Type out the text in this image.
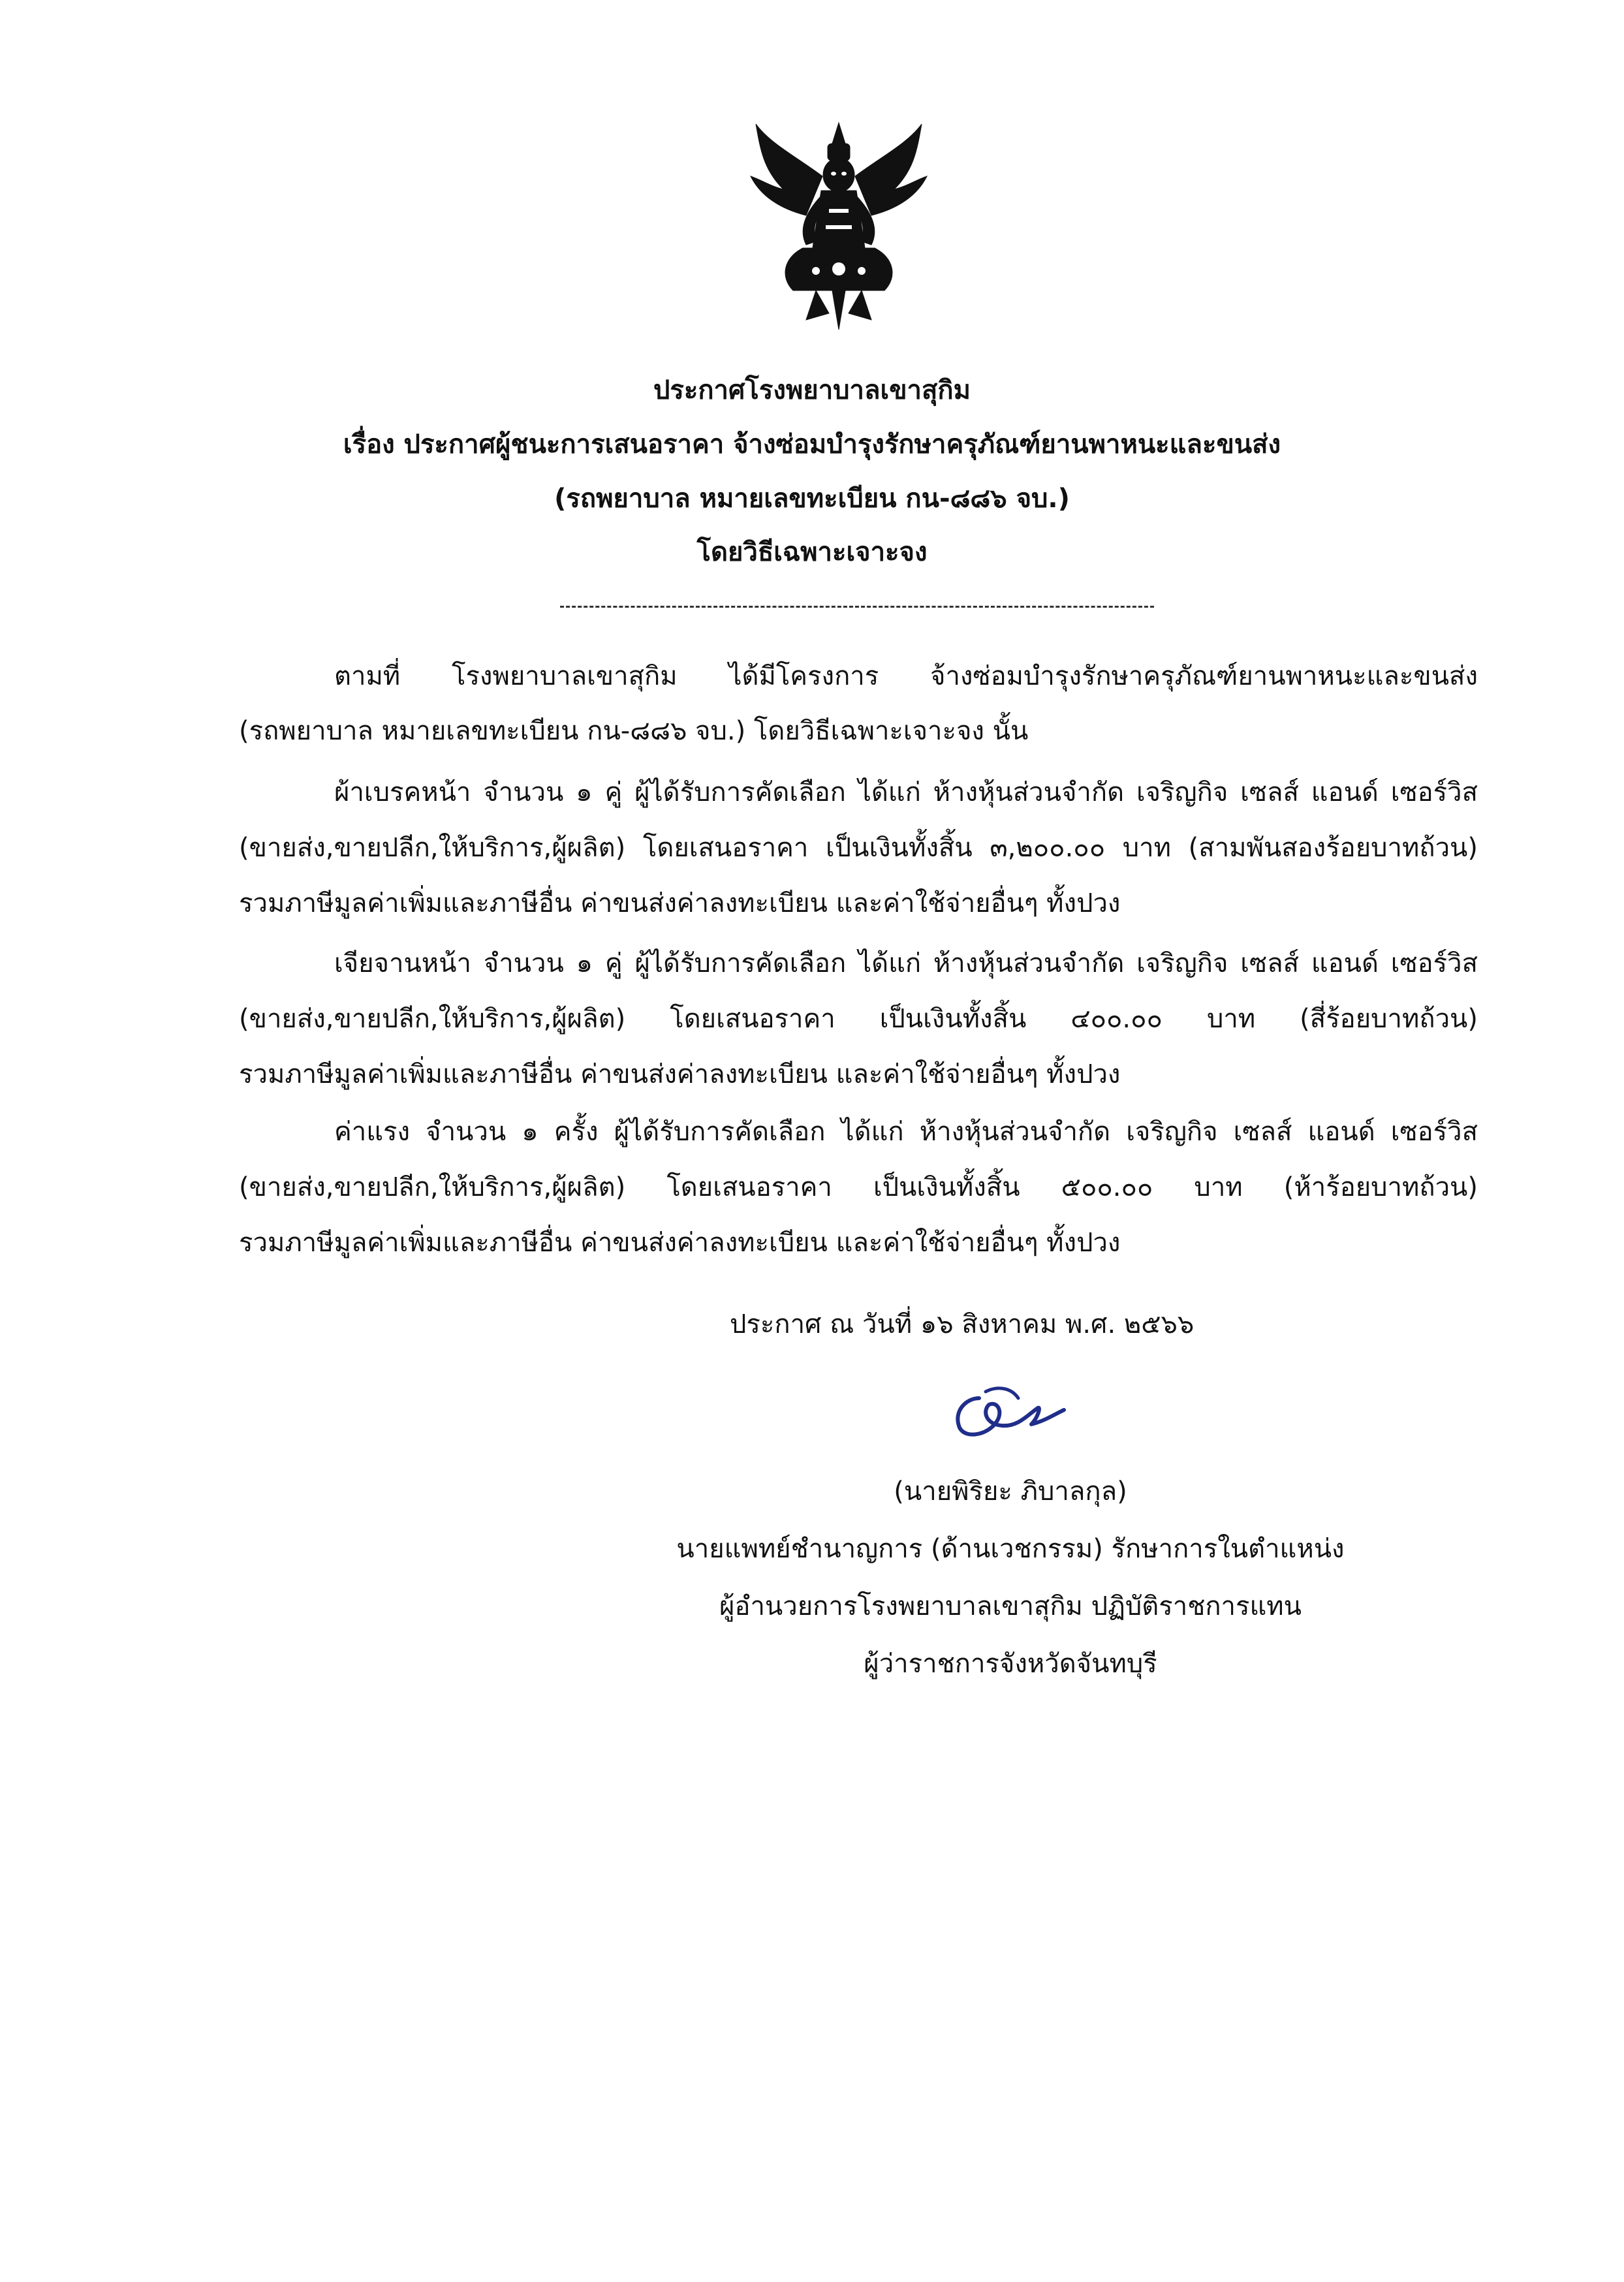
ประกาศโรงพยาบาลเขาสุกิม
เรื่อง ประกาศผู้ชนะการเสนอราคา จ้างซ่อมบำรุงรักษาครุภัณฑ์ยานพาหนะและขนส่ง
(รถพยาบาล หมายเลขทะเบียน กน-๘๘๖ จบ.)
โดยวิธีเฉพาะเจาะจง
ตามที่ โรงพยาบาลเขาสุกิม ได้มีโครงการ จ้างซ่อมบำรุงรักษาครุภัณฑ์ยานพาหนะและขนส่ง
(รถพยาบาล หมายเลขทะเบียน กน-๘๘๖ จบ.) โดยวิธีเฉพาะเจาะจง นั้น
ผ้าเบรคหน้า จำนวน ๑ คู่ ผู้ได้รับการคัดเลือก ได้แก่ ห้างหุ้นส่วนจำกัด เจริญกิจ เซลส์ แอนด์ เซอร์วิส
(ขายส่ง,ขายปลีก,ให้บริการ,ผู้ผลิต) โดยเสนอราคา เป็นเงินทั้งสิ้น ๓,๒๐๐.๐๐ บาท (สามพันสองร้อยบาทถ้วน)
รวมภาษีมูลค่าเพิ่มและภาษีอื่น ค่าขนส่งค่าลงทะเบียน และค่าใช้จ่ายอื่นๆ ทั้งปวง
เจียจานหน้า จำนวน ๑ คู่ ผู้ได้รับการคัดเลือก ได้แก่ ห้างหุ้นส่วนจำกัด เจริญกิจ เซลส์ แอนด์ เซอร์วิส
(ขายส่ง,ขายปลีก,ให้บริการ,ผู้ผลิต) โดยเสนอราคา เป็นเงินทั้งสิ้น ๔๐๐.๐๐ บาท (สี่ร้อยบาทถ้วน)
รวมภาษีมูลค่าเพิ่มและภาษีอื่น ค่าขนส่งค่าลงทะเบียน และค่าใช้จ่ายอื่นๆ ทั้งปวง
ค่าแรง จำนวน ๑ ครั้ง ผู้ได้รับการคัดเลือก ได้แก่ ห้างหุ้นส่วนจำกัด เจริญกิจ เซลส์ แอนด์ เซอร์วิส
(ขายส่ง,ขายปลีก,ให้บริการ,ผู้ผลิต) โดยเสนอราคา เป็นเงินทั้งสิ้น ๕๐๐.๐๐ บาท (ห้าร้อยบาทถ้วน)
รวมภาษีมูลค่าเพิ่มและภาษีอื่น ค่าขนส่งค่าลงทะเบียน และค่าใช้จ่ายอื่นๆ ทั้งปวง
ประกาศ ณ วันที่ ๑๖ สิงหาคม พ.ศ. ๒๕๖๖
(นายพิริยะ ภิบาลกุล)
นายแพทย์ชำนาญการ (ด้านเวชกรรม) รักษาการในตำแหน่ง
ผู้อำนวยการโรงพยาบาลเขาสุกิม ปฏิบัติราชการแทน
ผู้ว่าราชการจังหวัดจันทบุรี
